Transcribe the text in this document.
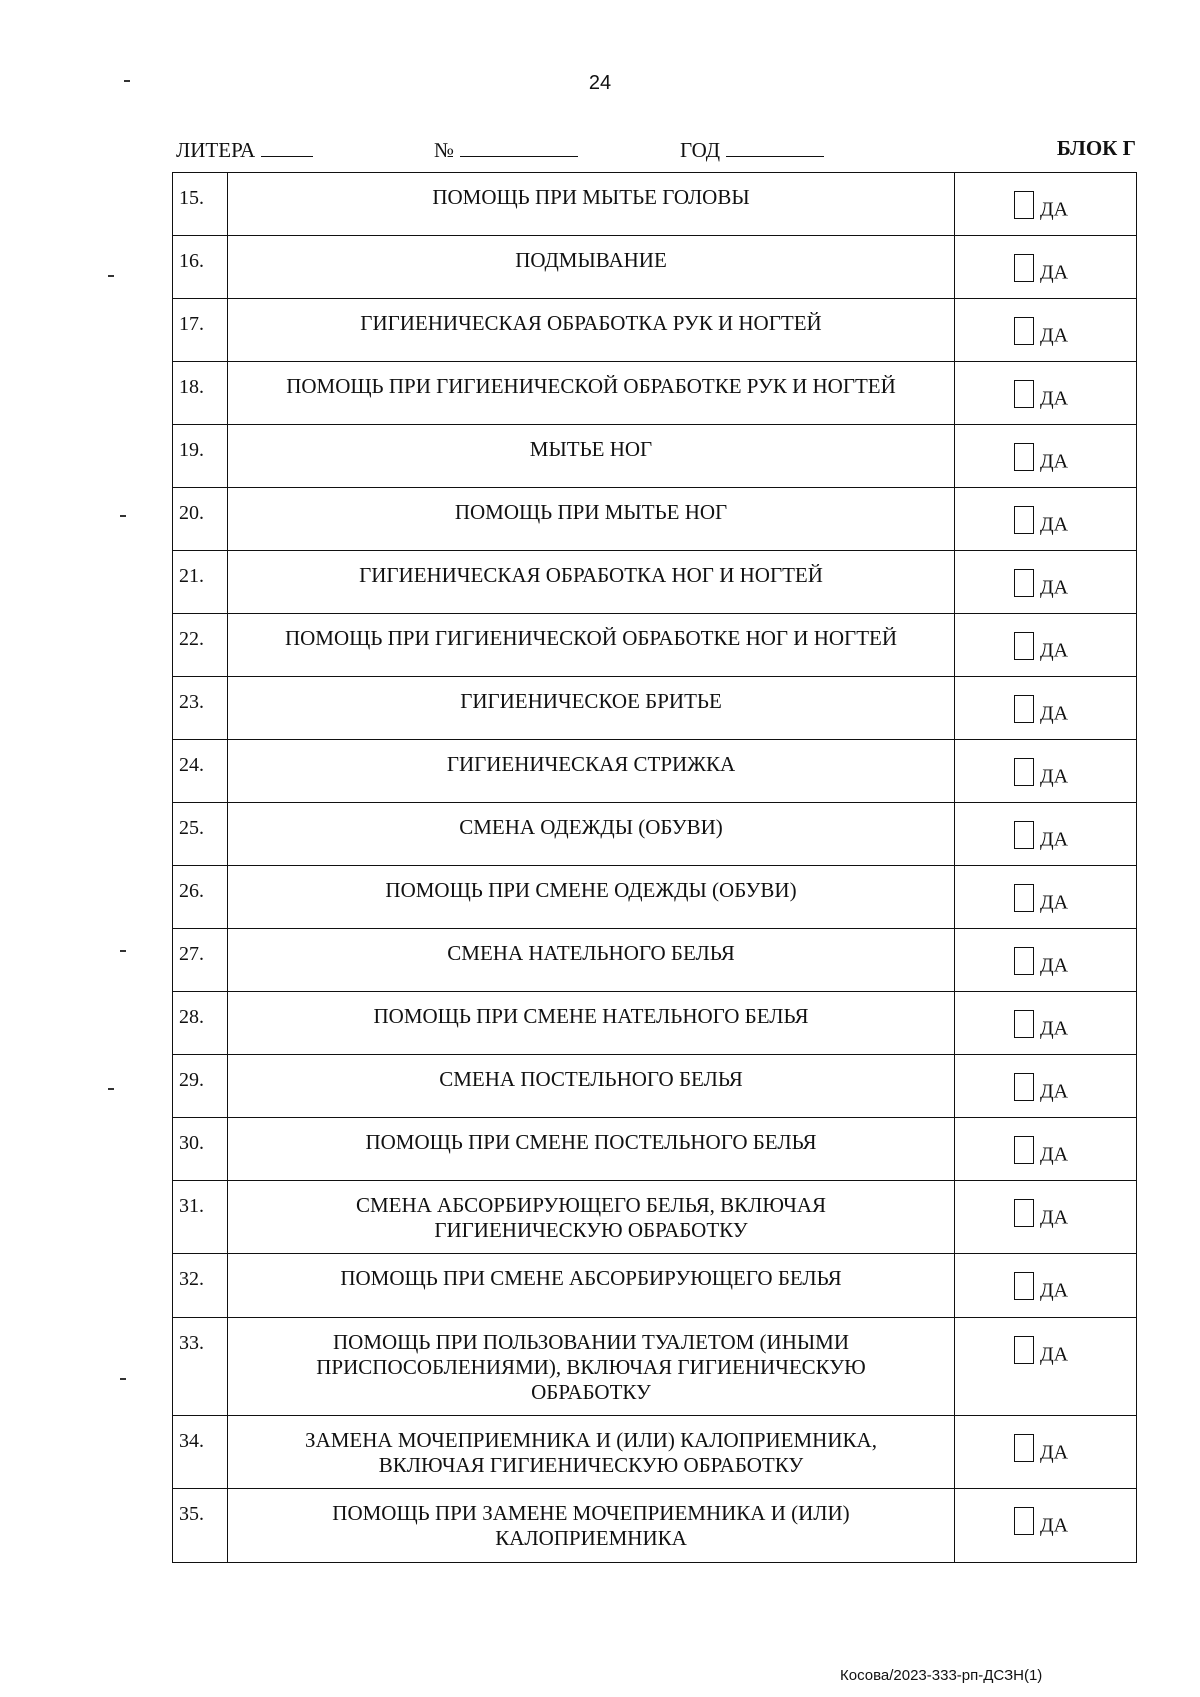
24
ЛИТЕРА	№	ГОД	БЛОК Г
15.	ПОМОЩЬ ПРИ МЫТЬЕ ГОЛОВЫ	ДА
16.	ПОДМЫВАНИЕ	ДА
17.	ГИГИЕНИЧЕСКАЯ ОБРАБОТКА РУК И НОГТЕЙ	ДА
18.	ПОМОЩЬ ПРИ ГИГИЕНИЧЕСКОЙ ОБРАБОТКЕ РУК И НОГТЕЙ	ДА
19.	МЫТЬЕ НОГ	ДА
20.	ПОМОЩЬ ПРИ МЫТЬЕ НОГ	ДА
21.	ГИГИЕНИЧЕСКАЯ ОБРАБОТКА НОГ И НОГТЕЙ	ДА
22.	ПОМОЩЬ ПРИ ГИГИЕНИЧЕСКОЙ ОБРАБОТКЕ НОГ И НОГТЕЙ	ДА
23.	ГИГИЕНИЧЕСКОЕ БРИТЬЕ	ДА
24.	ГИГИЕНИЧЕСКАЯ СТРИЖКА	ДА
25.	СМЕНА ОДЕЖДЫ (ОБУВИ)	ДА
26.	ПОМОЩЬ ПРИ СМЕНЕ ОДЕЖДЫ (ОБУВИ)	ДА
27.	СМЕНА НАТЕЛЬНОГО БЕЛЬЯ	ДА
28.	ПОМОЩЬ ПРИ СМЕНЕ НАТЕЛЬНОГО БЕЛЬЯ	ДА
29.	СМЕНА ПОСТЕЛЬНОГО БЕЛЬЯ	ДА
30.	ПОМОЩЬ ПРИ СМЕНЕ ПОСТЕЛЬНОГО БЕЛЬЯ	ДА
31.	СМЕНА АБСОРБИРУЮЩЕГО БЕЛЬЯ, ВКЛЮЧАЯ ГИГИЕНИЧЕСКУЮ ОБРАБОТКУ	ДА
32.	ПОМОЩЬ ПРИ СМЕНЕ АБСОРБИРУЮЩЕГО БЕЛЬЯ	ДА
33.	ПОМОЩЬ ПРИ ПОЛЬЗОВАНИИ ТУАЛЕТОМ (ИНЫМИ ПРИСПОСОБЛЕНИЯМИ), ВКЛЮЧАЯ ГИГИЕНИЧЕСКУЮ ОБРАБОТКУ	ДА
34.	ЗАМЕНА МОЧЕПРИЕМНИКА И (ИЛИ) КАЛОПРИЕМНИКА, ВКЛЮЧАЯ ГИГИЕНИЧЕСКУЮ ОБРАБОТКУ	ДА
35.	ПОМОЩЬ ПРИ ЗАМЕНЕ МОЧЕПРИЕМНИКА И (ИЛИ) КАЛОПРИЕМНИКА	ДА
Косова/2023-333-рп-ДСЗН(1)
